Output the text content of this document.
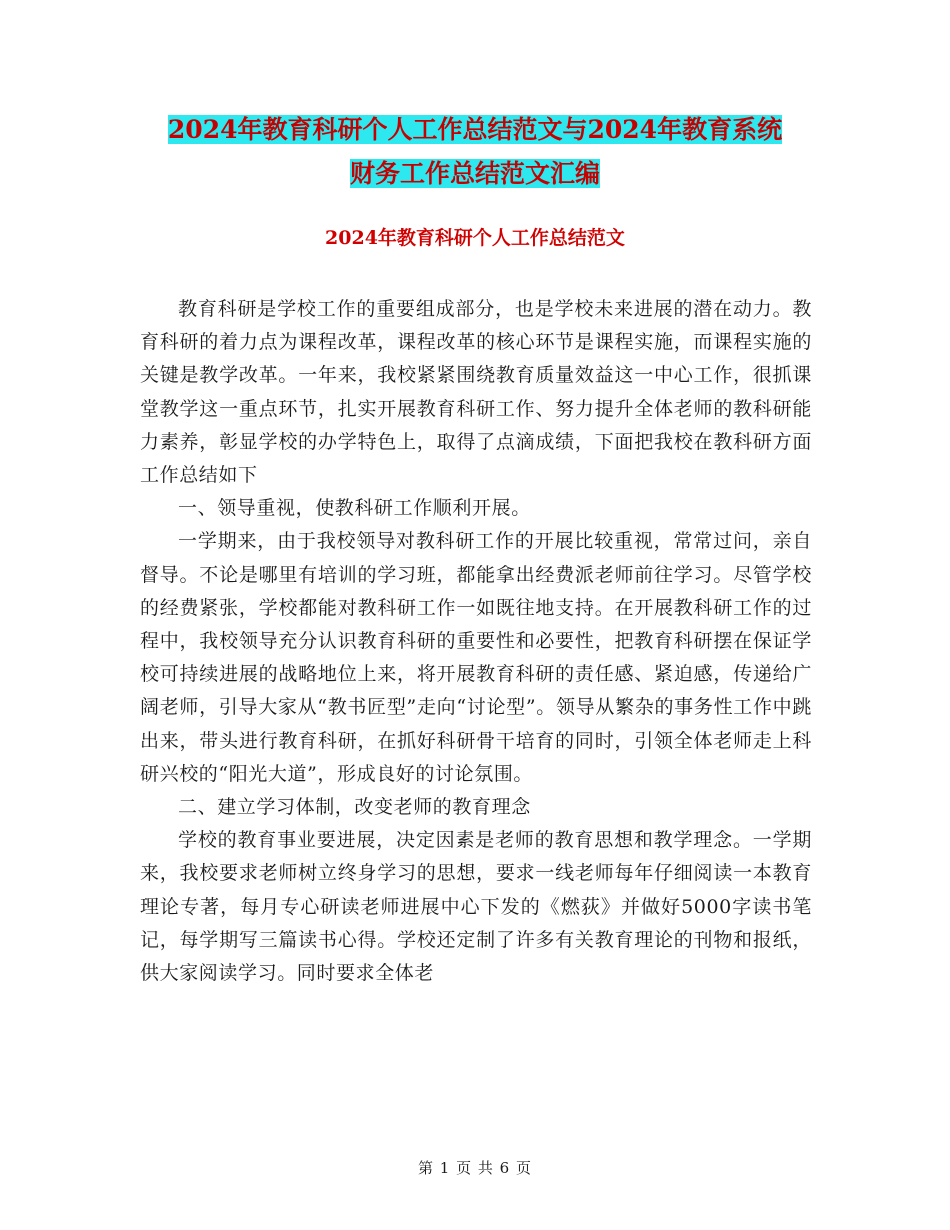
2024年教育科研个人工作总结范文与2024年教育系统
财务工作总结范文汇编
2024年教育科研个人工作总结范文

教育科研是学校工作的重要组成部分，也是学校未来进展的潜在动力。教育科研的着力点为课程改革，课程改革的核心环节是课程实施，而课程实施的关键是教学改革。一年来，我校紧紧围绕教育质量效益这一中心工作，很抓课堂教学这一重点环节，扎实开展教育科研工作、努力提升全体老师的教科研能力素养，彰显学校的办学特色上，取得了点滴成绩，下面把我校在教科研方面工作总结如下

一、领导重视，使教科研工作顺利开展。

一学期来，由于我校领导对教科研工作的开展比较重视，常常过问，亲自督导。不论是哪里有培训的学习班，都能拿出经费派老师前往学习。尽管学校的经费紧张，学校都能对教科研工作一如既往地支持。在开展教科研工作的过程中，我校领导充分认识教育科研的重要性和必要性，把教育科研摆在保证学校可持续进展的战略地位上来，将开展教育科研的责任感、紧迫感，传递给广阔老师，引导大家从“教书匠型”走向“讨论型”。领导从繁杂的事务性工作中跳出来，带头进行教育科研，在抓好科研骨干培育的同时，引领全体老师走上科研兴校的“阳光大道”，形成良好的讨论氛围。

二、建立学习体制，改变老师的教育理念

学校的教育事业要进展，决定因素是老师的教育思想和教学理念。一学期来，我校要求老师树立终身学习的思想，要求一线老师每年仔细阅读一本教育理论专著，每月专心研读老师进展中心下发的《燃荻》并做好5000字读书笔记，每学期写三篇读书心得。学校还定制了许多有关教育理论的刊物和报纸，供大家阅读学习。同时要求全体老

第 1 页 共 6 页
